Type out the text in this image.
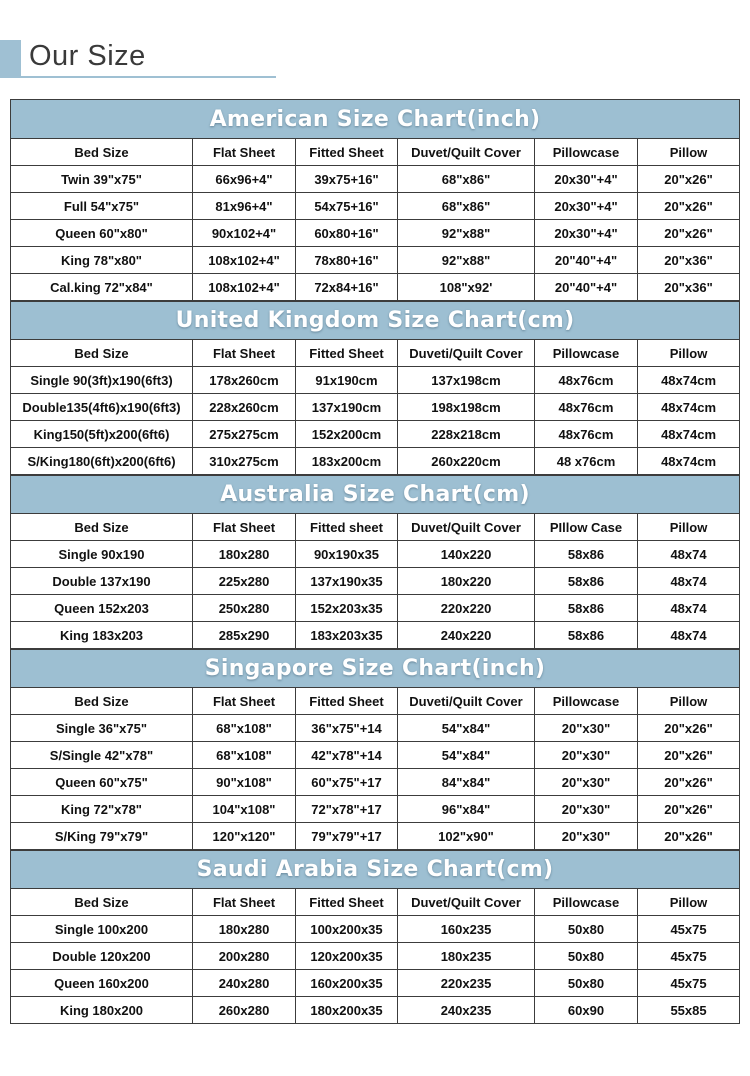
Our Size
American Size Chart(inch)					
Bed Size	Flat Sheet	Fitted Sheet	Duvet/Quilt Cover	Pillowcase	Pillow
Twin 39"x75"	66x96+4"	39x75+16"	68"x86"	20x30"+4"	20"x26"
Full 54"x75"	81x96+4"	54x75+16"	68"x86"	20x30"+4"	20"x26"
Queen 60"x80"	90x102+4"	60x80+16"	92"x88"	20x30"+4"	20"x26"
King 78"x80"	108x102+4"	78x80+16"	92"x88"	20"40"+4"	20"x36"
Cal.king 72"x84"	108x102+4"	72x84+16"	108"x92'	20"40"+4"	20"x36"
United Kingdom Size Chart(cm)					
Bed Size	Flat Sheet	Fitted Sheet	Duveti/Quilt Cover	Pillowcase	Pillow
Single 90(3ft)x190(6ft3)	178x260cm	91x190cm	137x198cm	48x76cm	48x74cm
Double135(4ft6)x190(6ft3)	228x260cm	137x190cm	198x198cm	48x76cm	48x74cm
King150(5ft)x200(6ft6)	275x275cm	152x200cm	228x218cm	48x76cm	48x74cm
S/King180(6ft)x200(6ft6)	310x275cm	183x200cm	260x220cm	48 x76cm	48x74cm
Australia Size Chart(cm)					
Bed Size	Flat Sheet	Fitted sheet	Duvet/Quilt Cover	PIllow Case	Pillow
Single 90x190	180x280	90x190x35	140x220	58x86	48x74
Double 137x190	225x280	137x190x35	180x220	58x86	48x74
Queen 152x203	250x280	152x203x35	220x220	58x86	48x74
King 183x203	285x290	183x203x35	240x220	58x86	48x74
Singapore Size Chart(inch)					
Bed Size	Flat Sheet	Fitted Sheet	Duveti/Quilt Cover	Pillowcase	Pillow
Single 36"x75"	68"x108"	36"x75"+14	54"x84"	20"x30"	20"x26"
S/Single 42"x78"	68"x108"	42"x78"+14	54"x84"	20"x30"	20"x26"
Queen 60"x75"	90"x108"	60"x75"+17	84"x84"	20"x30"	20"x26"
King 72"x78"	104"x108"	72"x78"+17	96"x84"	20"x30"	20"x26"
S/King 79"x79"	120"x120"	79"x79"+17	102"x90"	20"x30"	20"x26"
Saudi Arabia Size Chart(cm)					
Bed Size	Flat Sheet	Fitted Sheet	Duvet/Quilt Cover	Pillowcase	Pillow
Single 100x200	180x280	100x200x35	160x235	50x80	45x75
Double 120x200	200x280	120x200x35	180x235	50x80	45x75
Queen 160x200	240x280	160x200x35	220x235	50x80	45x75
King 180x200	260x280	180x200x35	240x235	60x90	55x85
